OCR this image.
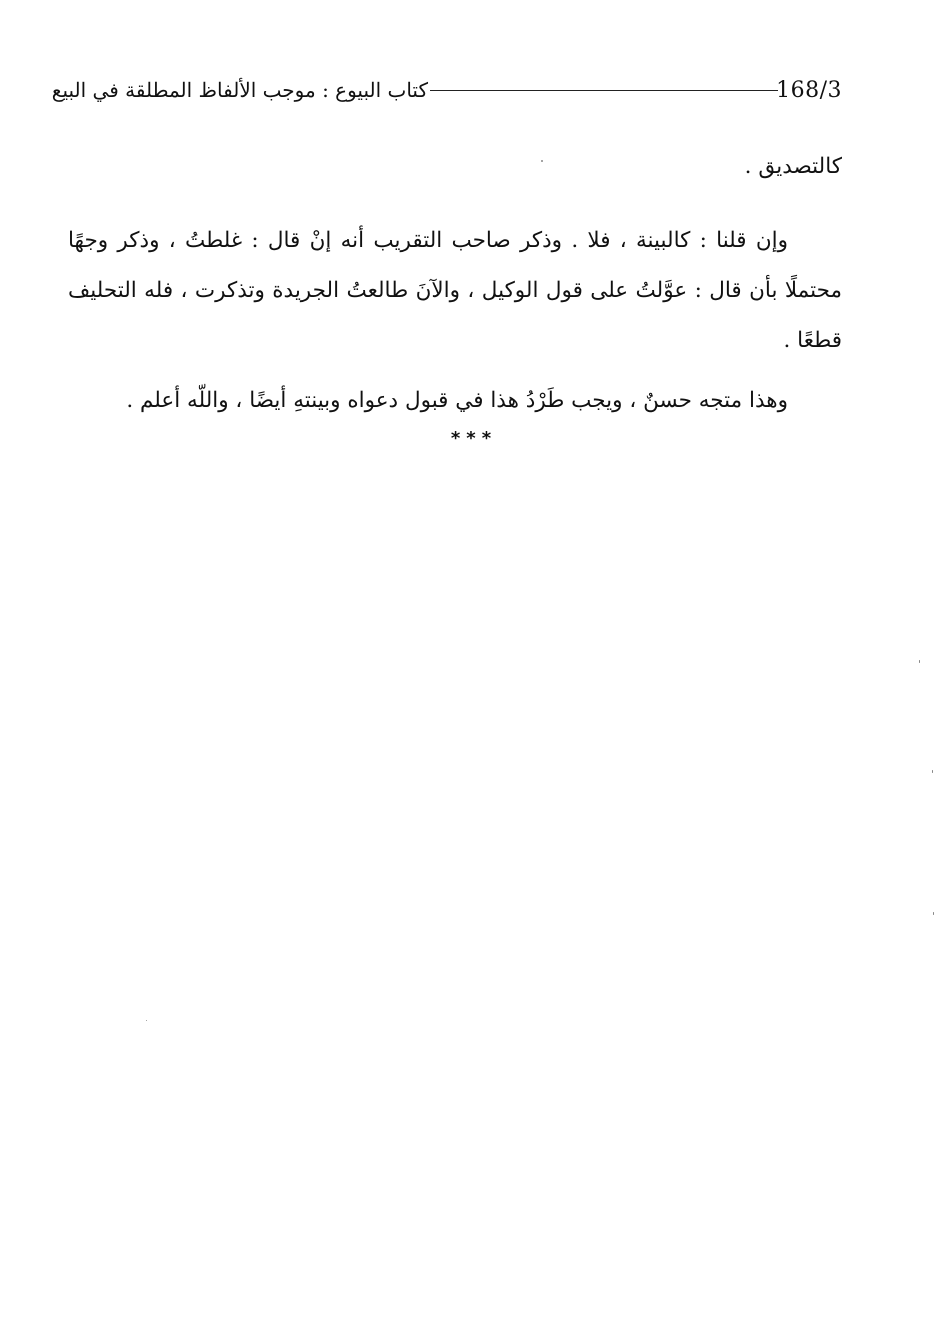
168/3
كتاب البيوع : موجب الألفاظ المطلقة في البيع

كالتصديق .

وإن قلنا : كالبينة ، فلا . وذكر صاحب التقريب أنه إنْ قال : غلطتُ ، وذكر وجهًا محتملًا بأن قال : عوَّلتُ على قول الوكيل ، والآنَ طالعتُ الجريدة وتذكرت ، فله التحليف قطعًا .

وهذا متجه حسنٌ ، ويجب طَرْدُ هذا في قبول دعواه وبينتهِ أيضًا ، واللّه أعلم .

***
